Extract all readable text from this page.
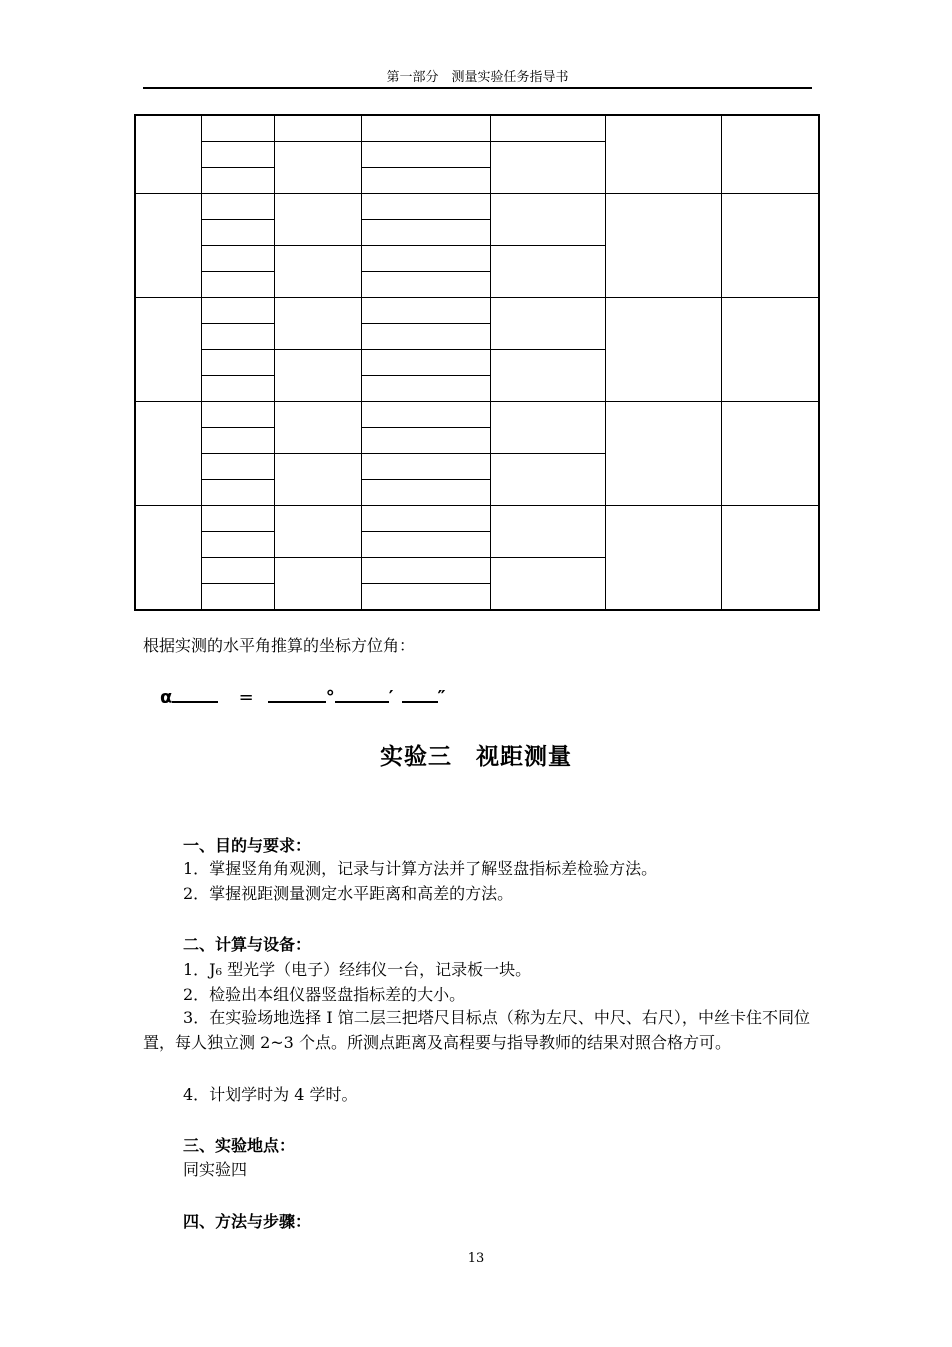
第一部分　测量实验任务指导书

根据实测的水平角推算的坐标方位角：
α	=	°	′ ″
实验三　视距测量
一、目的与要求：
1．掌握竖角角观测，记录与计算方法并了解竖盘指标差检验方法。
2．掌握视距测量测定水平距离和高差的方法。
二、计算与设备：
1．J₆ 型光学（电子）经纬仪一台，记录板一块。
2．检验出本组仪器竖盘指标差的大小。
3．在实验场地选择 I 馆二层三把塔尺目标点（称为左尺、中尺、右尺），中丝卡住不同位置，每人独立测 2~3 个点。所测点距离及高程要与指导教师的结果对照合格方可。
4．计划学时为 4 学时。
三、实验地点：
同实验四
四、方法与步骤：
13
